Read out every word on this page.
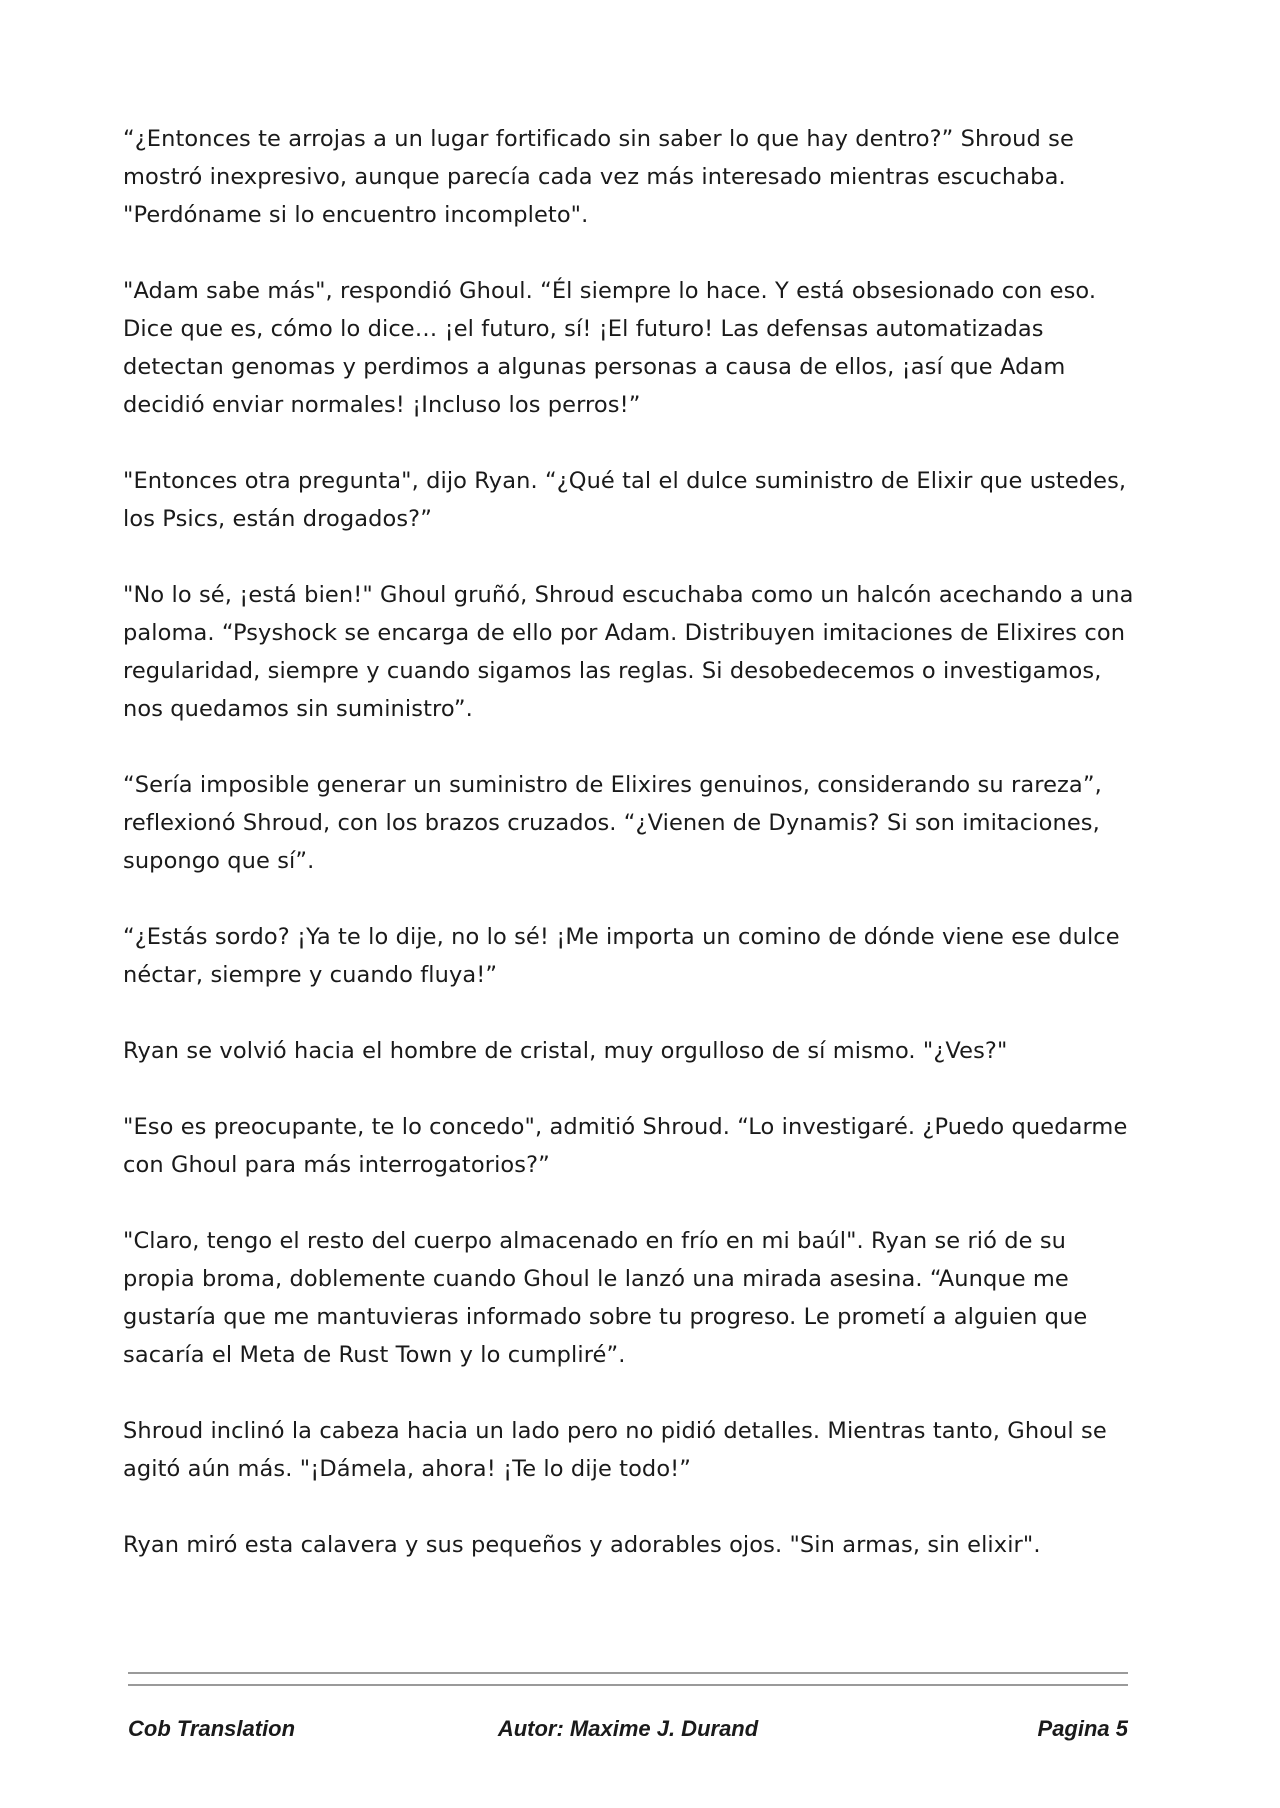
“¿Entonces te arrojas a un lugar fortificado sin saber lo que hay dentro?” Shroud se mostró inexpresivo, aunque parecía cada vez más interesado mientras escuchaba. "Perdóname si lo encuentro incompleto".

"Adam sabe más", respondió Ghoul. “Él siempre lo hace. Y está obsesionado con eso. Dice que es, cómo lo dice… ¡el futuro, sí! ¡El futuro! Las defensas automatizadas detectan genomas y perdimos a algunas personas a causa de ellos, ¡así que Adam decidió enviar normales! ¡Incluso los perros!”

"Entonces otra pregunta", dijo Ryan. “¿Qué tal el dulce suministro de Elixir que ustedes, los Psics, están drogados?”

"No lo sé, ¡está bien!" Ghoul gruñó, Shroud escuchaba como un halcón acechando a una paloma. “Psyshock se encarga de ello por Adam. Distribuyen imitaciones de Elixires con regularidad, siempre y cuando sigamos las reglas. Si desobedecemos o investigamos, nos quedamos sin suministro”.

“Sería imposible generar un suministro de Elixires genuinos, considerando su rareza”, reflexionó Shroud, con los brazos cruzados. “¿Vienen de Dynamis? Si son imitaciones, supongo que sí”.

“¿Estás sordo? ¡Ya te lo dije, no lo sé! ¡Me importa un comino de dónde viene ese dulce néctar, siempre y cuando fluya!”

Ryan se volvió hacia el hombre de cristal, muy orgulloso de sí mismo. "¿Ves?"

"Eso es preocupante, te lo concedo", admitió Shroud. “Lo investigaré. ¿Puedo quedarme con Ghoul para más interrogatorios?”

"Claro, tengo el resto del cuerpo almacenado en frío en mi baúl". Ryan se rió de su propia broma, doblemente cuando Ghoul le lanzó una mirada asesina. “Aunque me gustaría que me mantuvieras informado sobre tu progreso. Le prometí a alguien que sacaría el Meta de Rust Town y lo cumpliré”.

Shroud inclinó la cabeza hacia un lado pero no pidió detalles. Mientras tanto, Ghoul se agitó aún más. "¡Dámela, ahora! ¡Te lo dije todo!”

Ryan miró esta calavera y sus pequeños y adorables ojos. "Sin armas, sin elixir".

Cob Translation	Autor: Maxime J. Durand	Pagina 5
